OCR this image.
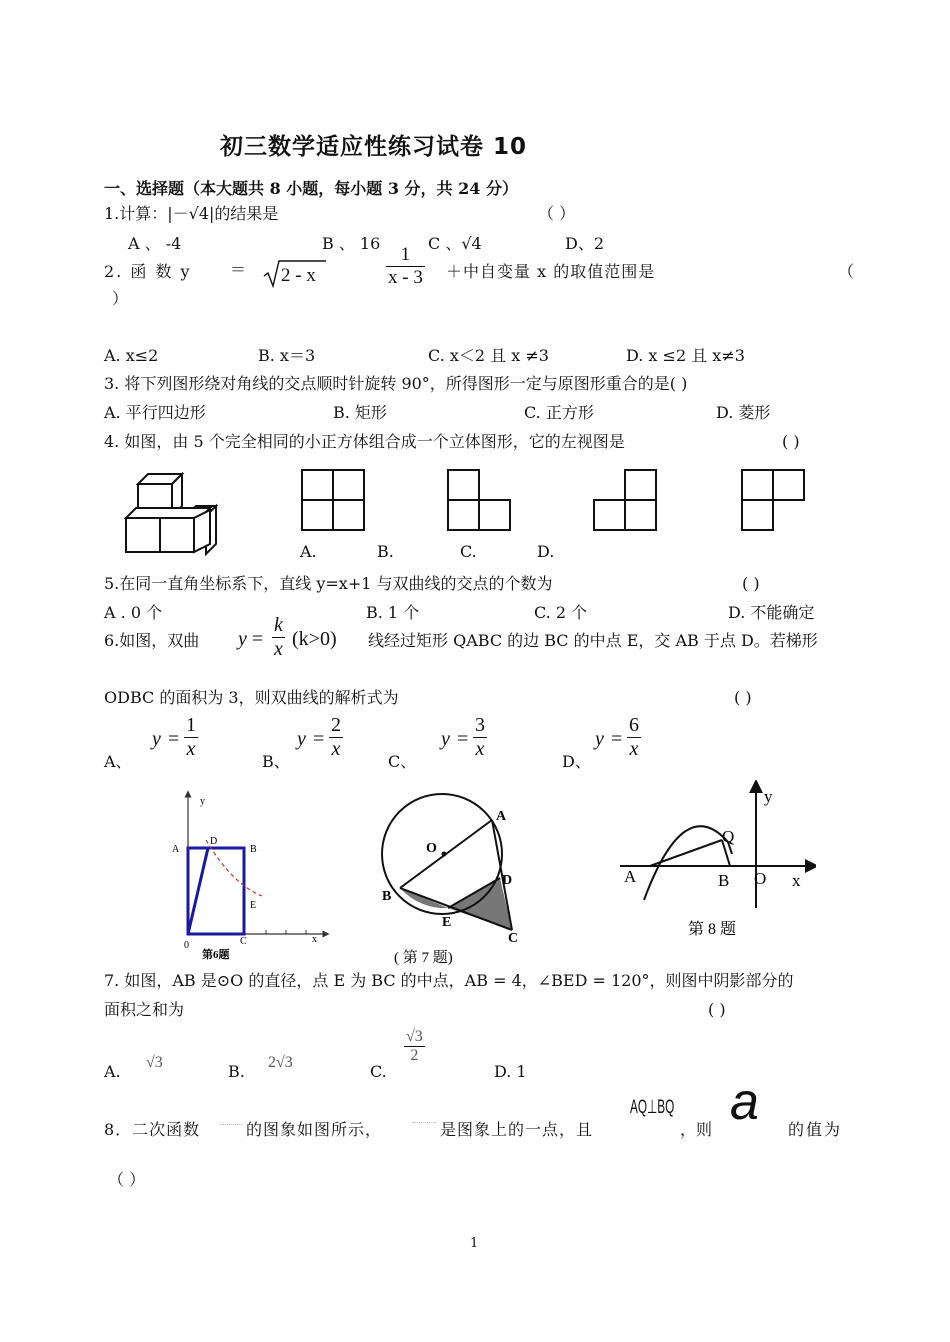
初三数学适应性练习试卷 10
一、选择题（本大题共 8 小题，每小题 3 分，共 24 分）
1.计算：|－√4|的结果是	（ ）
A 、 -4	B 、 16	C 、√4	D、2
2. 函 数 y ＝ 2 - x	$\frac{1}{x - 3}$ ＋中自变量 x 的取值范围是	（
）
A. x≤2	B. x＝3	C. x＜2 且 x ≠3	D. x ≤2 且 x≠3
3. 将下列图形绕对角线的交点顺时针旋转 90°，所得图形一定与原图形重合的是( )
A. 平行四边形	B. 矩形	C. 正方形	D. 菱形
4. 如图，由 5 个完全相同的小正方体组合成一个立体图形，它的左视图是	( )
A.	B.	C.	D.
5.在同一直角坐标系下，直线 y=x+1 与双曲线的交点的个数为	( )
A . 0 个	B. 1 个	C. 2 个	D. 不能确定
6.如图，双曲 $y = \frac{k}{x} (k>0)$ 线经过矩形 QABC 的边 BC 的中点 E，交 AB 于点 D。若梯形
ODBC 的面积为 3，则双曲线的解析式为	( )
A、
$y = \frac{1}{x}$
B、
$y = \frac{2}{x}$
C、
$y = \frac{3}{x}$
D、
$y = \frac{6}{x}$
y
A
D
B
E
0	C	x
第6题
A
O
B
D
E
C
( 第 7 题)
y
Q
A	B O x
第 8 题
7. 如图，AB 是⊙O 的直径，点 E 为 BC 的中点，AB = 4，∠BED = 120°，则图中阴影部分的
面积之和为	( )
A. √3	B. 2√3	C.
$\frac{√3}{2}$
D. 1
8．二次函数	的图象如图所示，	是图象上的一点，且
AQ⊥BQ
，则 a 的值为
（ ）
1
